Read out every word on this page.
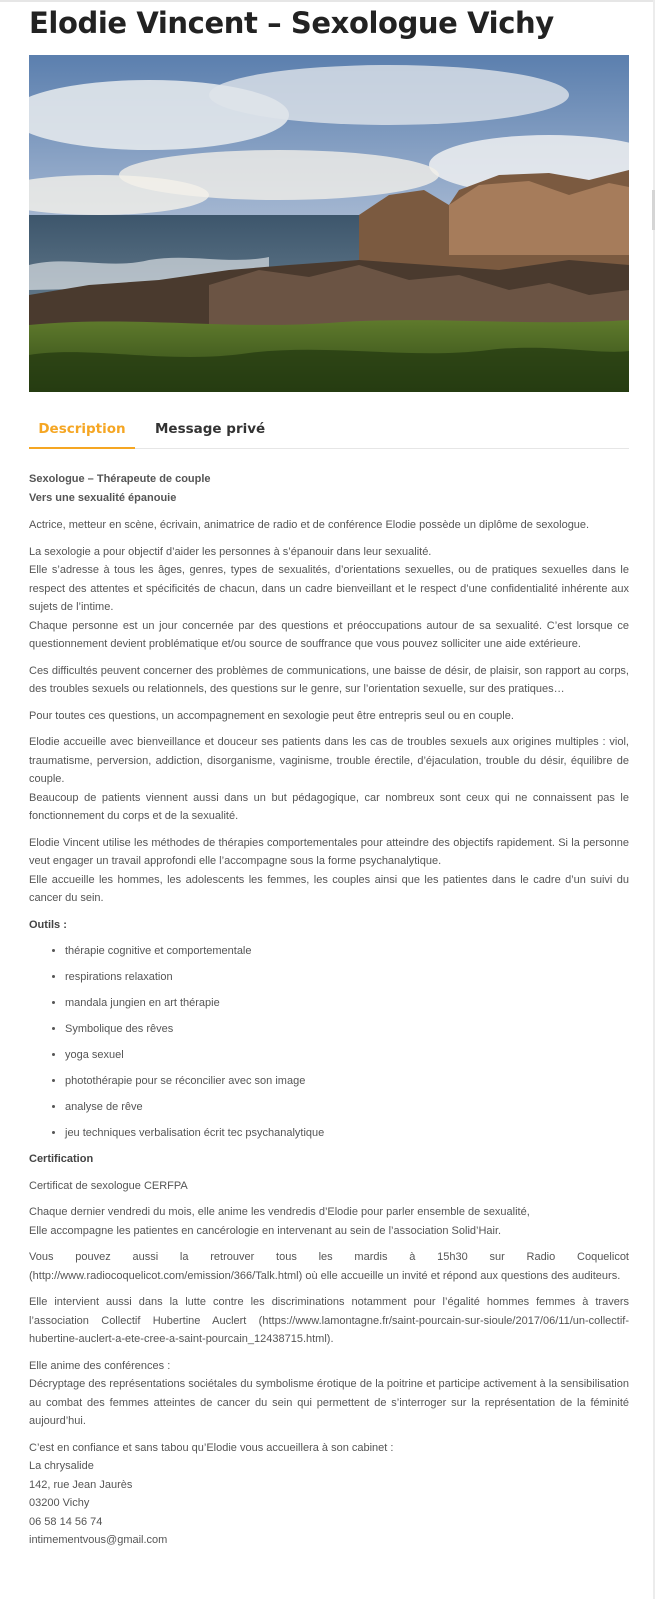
Elodie Vincent – Sexologue Vichy
Description	Message privé

Sexologue – Thérapeute de couple
Vers une sexualité épanouie

Actrice, metteur en scène, écrivain, animatrice de radio et de conférence Elodie possède un diplôme de sexologue.

La sexologie a pour objectif d’aider les personnes à s’épanouir dans leur sexualité.
Elle s’adresse à tous les âges, genres, types de sexualités, d’orientations sexuelles, ou de pratiques sexuelles dans le respect des attentes et spécificités de chacun, dans un cadre bienveillant et le respect d’une confidentialité inhérente aux sujets de l’intime.
Chaque personne est un jour concernée par des questions et préoccupations autour de sa sexualité. C’est lorsque ce questionnement devient problématique et/ou source de souffrance que vous pouvez solliciter une aide extérieure.

Ces difficultés peuvent concerner des problèmes de communications, une baisse de désir, de plaisir, son rapport au corps, des troubles sexuels ou relationnels, des questions sur le genre, sur l’orientation sexuelle, sur des pratiques…

Pour toutes ces questions, un accompagnement en sexologie peut être entrepris seul ou en couple.

Elodie accueille avec bienveillance et douceur ses patients dans les cas de troubles sexuels aux origines multiples : viol, traumatisme, perversion, addiction, disorganisme, vaginisme, trouble érectile, d’éjaculation, trouble du désir, équilibre de couple.
Beaucoup de patients viennent aussi dans un but pédagogique, car nombreux sont ceux qui ne connaissent pas le fonctionnement du corps et de la sexualité.

Elodie Vincent utilise les méthodes de thérapies comportementales pour atteindre des objectifs rapidement. Si la personne veut engager un travail approfondi elle l’accompagne sous la forme psychanalytique.
Elle accueille les hommes, les adolescents les femmes, les couples ainsi que les patientes dans le cadre d’un suivi du cancer du sein.

Outils :

• thérapie cognitive et comportementale
• respirations relaxation
• mandala jungien en art thérapie
• Symbolique des rêves
• yoga sexuel
• photothérapie pour se réconcilier avec son image
• analyse de rêve
• jeu techniques verbalisation écrit tec psychanalytique

Certification

Certificat de sexologue CERFPA

Chaque dernier vendredi du mois, elle anime les vendredis d’Elodie pour parler ensemble de sexualité,
Elle accompagne les patientes en cancérologie en intervenant au sein de l’association Solid’Hair.

Vous pouvez aussi la retrouver tous les mardis à 15h30 sur Radio Coquelicot (http://www.radiocoquelicot.com/emission/366/Talk.html) où elle accueille un invité et répond aux questions des auditeurs.

Elle intervient aussi dans la lutte contre les discriminations notamment pour l’égalité hommes femmes à travers l’association Collectif Hubertine Auclert (https://www.lamontagne.fr/saint-pourcain-sur-sioule/2017/06/11/un-collectif-hubertine-auclert-a-ete-cree-a-saint-pourcain_12438715.html).

Elle anime des conférences :
Décryptage des représentations sociétales du symbolisme érotique de la poitrine et participe activement à la sensibilisation au combat des femmes atteintes de cancer du sein qui permettent de s’interroger sur la représentation de la féminité aujourd’hui.

C’est en confiance et sans tabou qu’Elodie vous accueillera à son cabinet :
La chrysalide
142, rue Jean Jaurès
03200 Vichy
06 58 14 56 74
intimementvous@gmail.com
